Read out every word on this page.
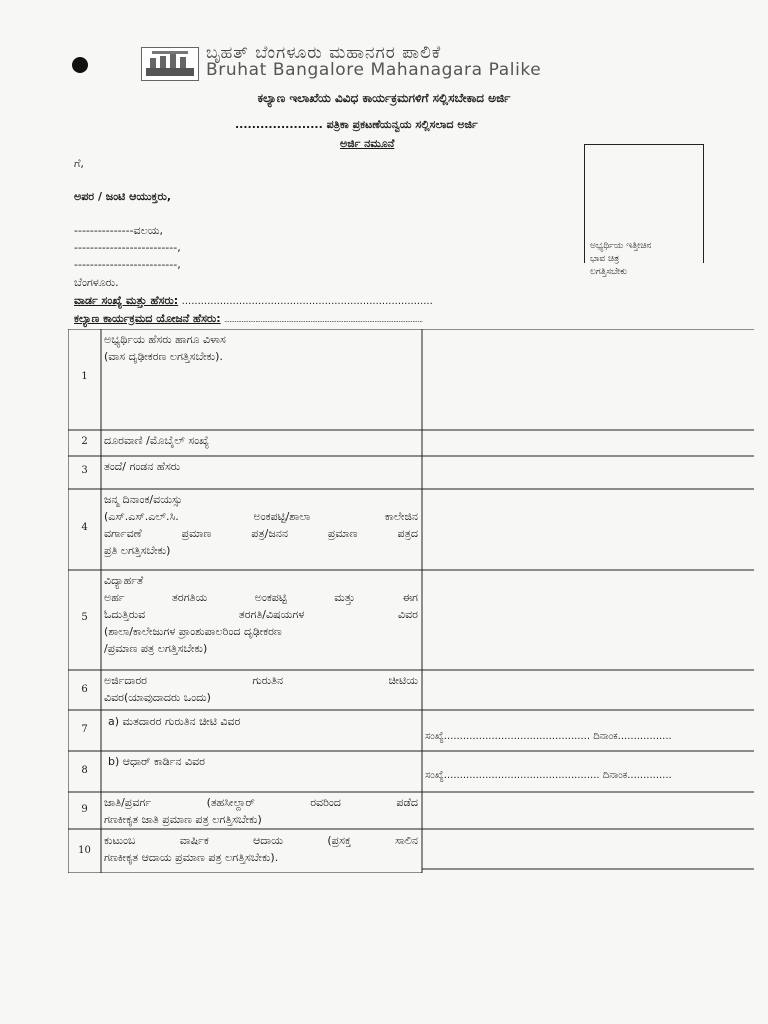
ಬೃಹತ್ ಬೆಂಗಳೂರು ಮಹಾನಗರ ಪಾಲಿಕೆ
Bruhat Bangalore Mahanagara Palike
ಕಲ್ಯಾಣ ಇಲಾಖೆಯ ವಿವಿಧ ಕಾರ್ಯಕ್ರಮಗಳಿಗೆ ಸಲ್ಲಿಸಬೇಕಾದ ಅರ್ಜಿ
..................... ಪತ್ರಿಕಾ ಪ್ರಕಟಣೆಯನ್ವಯ ಸಲ್ಲಿಸಲಾದ ಅರ್ಜಿ
ಅರ್ಜಿ ನಮೂನೆ
ಅಭ್ಯರ್ಥಿಯ ಇತ್ತೀಚಿನ
ಭಾವ ಚಿತ್ರ
ಲಗತ್ತಿಸಬೇಕು
ಗೆ,
ಅಪರ / ಜಂಟಿ ಆಯುಕ್ತರು,
---------------ವಲಯ,
--------------------------,
--------------------------,
ಬೆಂಗಳೂರು.
ವಾರ್ಡ ಸಂಖ್ಯೆ ಮತ್ತು ಹೆಸರು: ...............................................................................
ಕಲ್ಯಾಣ ಕಾರ್ಯಕ್ರಮದ ಯೋಜನೆ ಹೆಸರು: ...................................................................................................................
1
ಅಭ್ಯರ್ಥಿಯ ಹೆಸರು ಹಾಗೂ ವಿಳಾಸ
(ವಾಸ ದೃಢೀಕರಣ ಲಗತ್ತಿಸಬೇಕು).
2	ದೂರವಾಣಿ /ಮೊಬೈಲ್ ಸಂಖ್ಯೆ
3	ತಂದೆ/ ಗಂಡನ ಹೆಸರು
4
ಜನ್ಮ ದಿನಾಂಕ/ವಯಸ್ಸು
(ಎಸ್.ಎಸ್.ಎಲ್.ಸಿ. ಅಂಕಪಟ್ಟಿ/ಶಾಲಾ ಕಾಲೇಜಿನ
ವರ್ಗಾವಣೆ ಪ್ರಮಾಣ ಪತ್ರ/ಜನನ ಪ್ರಮಾಣ ಪತ್ರದ
ಪ್ರತಿ ಲಗತ್ತಿಸಬೇಕು)
5
ವಿದ್ಯಾರ್ಹತೆ
ಅರ್ಹ ತರಗತಿಯ ಅಂಕಪಟ್ಟಿ ಮತ್ತು ಈಗ
ಓದುತ್ತಿರುವ ತರಗತಿ/ವಿಷಯಗಳ ವಿವರ
(ಶಾಲಾ/ಕಾಲೇಜುಗಳ ಪ್ರಾಂಶುಪಾಲರಿಂದ ದೃಢೀಕರಣ
/ಪ್ರಮಾಣ ಪತ್ರ ಲಗತ್ತಿಸಬೇಕು)
6
ಅರ್ಜಿದಾರರ ಗುರುತಿನ ಚೀಟಿಯ
ವಿವರ(ಯಾವುದಾದರು ಒಂದು)
7
a) ಮತದಾರರ ಗುರುತಿನ ಚೀಟಿ ವಿವರ
ಸಂಖ್ಯೆ.............................................. ದಿನಾಂಕ.................
8
b) ಆಧಾರ್ ಕಾರ್ಡಿನ ವಿವರ
ಸಂಖ್ಯೆ................................................. ದಿನಾಂಕ..............
9
ಜಾತಿ/ಪ್ರವರ್ಗ (ತಹಸೀಲ್ದಾರ್ ರವರಿಂದ ಪಡೆದ
ಗಣಕೀಕೃತ ಜಾತಿ ಪ್ರಮಾಣ ಪತ್ರ ಲಗತ್ತಿಸಬೇಕು)
10
ಕುಟುಂಬ ವಾರ್ಷಿಕ ಆದಾಯ (ಪ್ರಸಕ್ತ ಸಾಲಿನ
ಗಣಕೀಕೃತ ಆದಾಯ ಪ್ರಮಾಣ ಪತ್ರ ಲಗತ್ತಿಸಬೇಕು).
